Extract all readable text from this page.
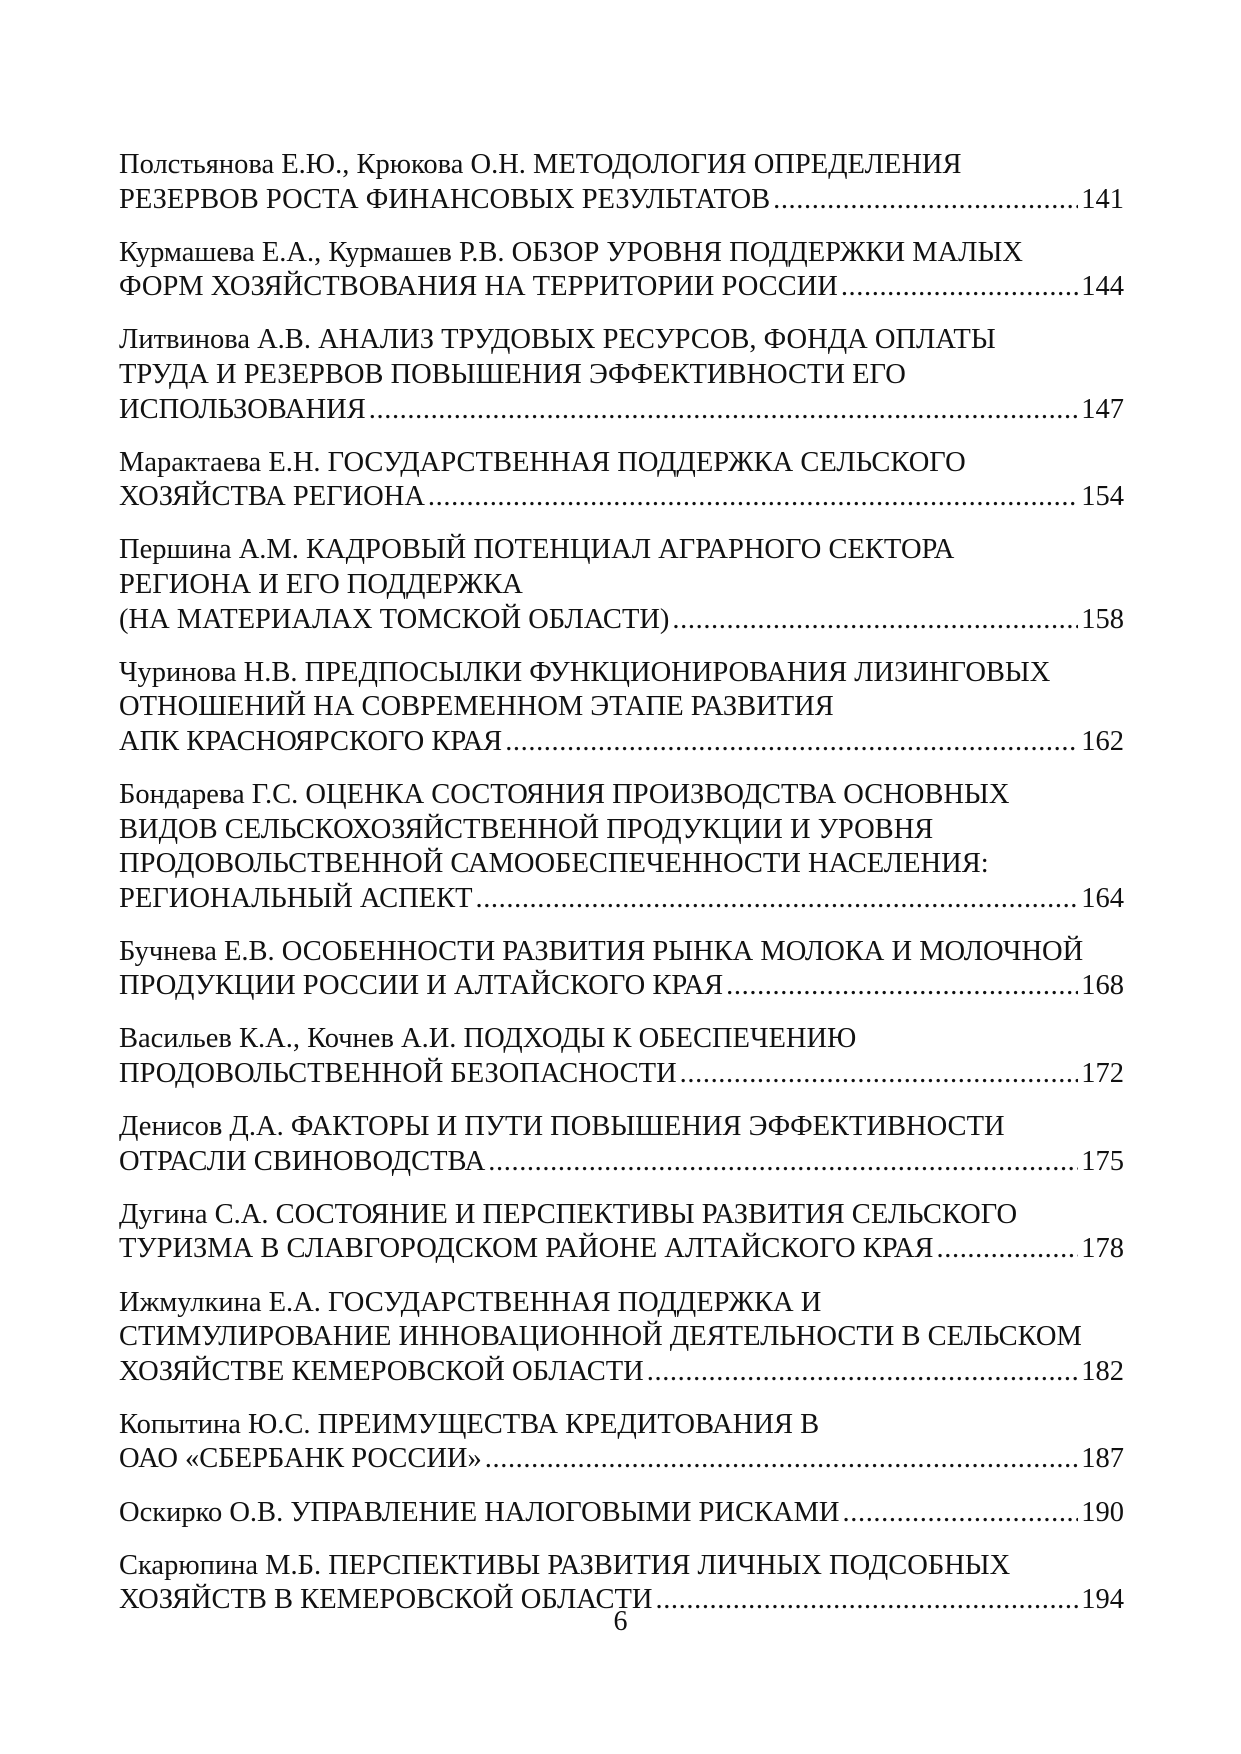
Полстьянова Е.Ю., Крюкова О.Н. МЕТОДОЛОГИЯ ОПРЕДЕЛЕНИЯ
РЕЗЕРВОВ РОСТА ФИНАНСОВЫХ РЕЗУЛЬТАТОВ .....	141
Курмашева Е.А., Курмашев Р.В. ОБЗОР УРОВНЯ ПОДДЕРЖКИ МАЛЫХ
ФОРМ ХОЗЯЙСТВОВАНИЯ НА ТЕРРИТОРИИ РОССИИ .....	144
Литвинова А.В. АНАЛИЗ ТРУДОВЫХ РЕСУРСОВ, ФОНДА ОПЛАТЫ
ТРУДА И РЕЗЕРВОВ ПОВЫШЕНИЯ ЭФФЕКТИВНОСТИ ЕГО
ИСПОЛЬЗОВАНИЯ .....	147
Марактаева Е.Н. ГОСУДАРСТВЕННАЯ ПОДДЕРЖКА СЕЛЬСКОГО
ХОЗЯЙСТВА РЕГИОНА .....	154
Першина А.М. КАДРОВЫЙ ПОТЕНЦИАЛ АГРАРНОГО СЕКТОРА
РЕГИОНА И ЕГО ПОДДЕРЖКА
(НА МАТЕРИАЛАХ ТОМСКОЙ ОБЛАСТИ) .....	158
Чуринова Н.В. ПРЕДПОСЫЛКИ ФУНКЦИОНИРОВАНИЯ ЛИЗИНГОВЫХ
ОТНОШЕНИЙ НА СОВРЕМЕННОМ ЭТАПЕ РАЗВИТИЯ
АПК КРАСНОЯРСКОГО КРАЯ .....	162
Бондарева Г.С. ОЦЕНКА СОСТОЯНИЯ ПРОИЗВОДСТВА ОСНОВНЫХ
ВИДОВ СЕЛЬСКОХОЗЯЙСТВЕННОЙ ПРОДУКЦИИ И УРОВНЯ
ПРОДОВОЛЬСТВЕННОЙ САМООБЕСПЕЧЕННОСТИ НАСЕЛЕНИЯ:
РЕГИОНАЛЬНЫЙ АСПЕКТ .....	164
Бучнева Е.В. ОСОБЕННОСТИ РАЗВИТИЯ РЫНКА МОЛОКА И МОЛОЧНОЙ
ПРОДУКЦИИ РОССИИ И АЛТАЙСКОГО КРАЯ .....	168
Васильев К.А., Кочнев А.И. ПОДХОДЫ К ОБЕСПЕЧЕНИЮ
ПРОДОВОЛЬСТВЕННОЙ БЕЗОПАСНОСТИ .....	172
Денисов Д.А. ФАКТОРЫ И ПУТИ ПОВЫШЕНИЯ ЭФФЕКТИВНОСТИ
ОТРАСЛИ СВИНОВОДСТВА .....	175
Дугина С.А. СОСТОЯНИЕ И ПЕРСПЕКТИВЫ РАЗВИТИЯ СЕЛЬСКОГО
ТУРИЗМА В СЛАВГОРОДСКОМ РАЙОНЕ АЛТАЙСКОГО КРАЯ .....	178
Ижмулкина Е.А. ГОСУДАРСТВЕННАЯ ПОДДЕРЖКА И
СТИМУЛИРОВАНИЕ ИННОВАЦИОННОЙ ДЕЯТЕЛЬНОСТИ В СЕЛЬСКОМ
ХОЗЯЙСТВЕ КЕМЕРОВСКОЙ ОБЛАСТИ .....	182
Копытина Ю.С. ПРЕИМУЩЕСТВА КРЕДИТОВАНИЯ В
ОАО «СБЕРБАНК РОССИИ» .....	187
Оскирко О.В. УПРАВЛЕНИЕ НАЛОГОВЫМИ РИСКАМИ .....	190
Скарюпина М.Б. ПЕРСПЕКТИВЫ РАЗВИТИЯ ЛИЧНЫХ ПОДСОБНЫХ
ХОЗЯЙСТВ В КЕМЕРОВСКОЙ ОБЛАСТИ .....	194
6
